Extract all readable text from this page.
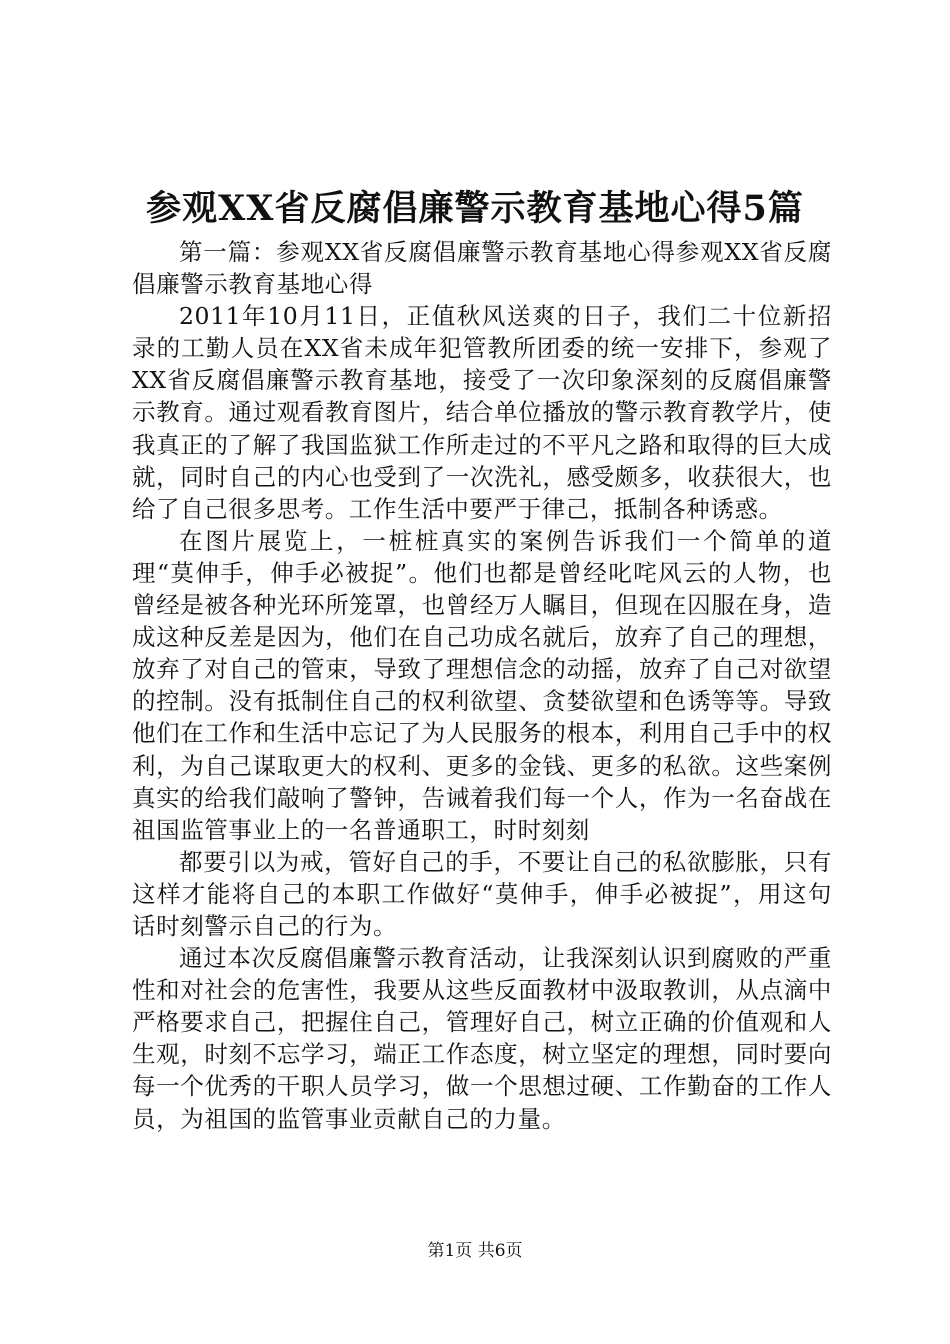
参观XX省反腐倡廉警示教育基地心得5篇

第一篇：参观XX省反腐倡廉警示教育基地心得参观XX省反腐倡廉警示教育基地心得

2011年10月11日，正值秋风送爽的日子，我们二十位新招录的工勤人员在XX省未成年犯管教所团委的统一安排下，参观了XX省反腐倡廉警示教育基地，接受了一次印象深刻的反腐倡廉警示教育。通过观看教育图片，结合单位播放的警示教育教学片，使我真正的了解了我国监狱工作所走过的不平凡之路和取得的巨大成就，同时自己的内心也受到了一次洗礼，感受颇多，收获很大，也给了自己很多思考。工作生活中要严于律己，抵制各种诱惑。

在图片展览上，一桩桩真实的案例告诉我们一个简单的道理“莫伸手，伸手必被捉”。他们也都是曾经叱咤风云的人物，也曾经是被各种光环所笼罩，也曾经万人瞩目，但现在囚服在身，造成这种反差是因为，他们在自己功成名就后，放弃了自己的理想，放弃了对自己的管束，导致了理想信念的动摇，放弃了自己对欲望的控制。没有抵制住自己的权利欲望、贪婪欲望和色诱等等。导致他们在工作和生活中忘记了为人民服务的根本，利用自己手中的权利，为自己谋取更大的权利、更多的金钱、更多的私欲。这些案例真实的给我们敲响了警钟，告诫着我们每一个人，作为一名奋战在祖国监管事业上的一名普通职工，时时刻刻

都要引以为戒，管好自己的手，不要让自己的私欲膨胀，只有这样才能将自己的本职工作做好“莫伸手，伸手必被捉”，用这句话时刻警示自己的行为。

通过本次反腐倡廉警示教育活动，让我深刻认识到腐败的严重性和对社会的危害性，我要从这些反面教材中汲取教训，从点滴中严格要求自己，把握住自己，管理好自己，树立正确的价值观和人生观，时刻不忘学习，端正工作态度，树立坚定的理想，同时要向每一个优秀的干职人员学习，做一个思想过硬、工作勤奋的工作人员，为祖国的监管事业贡献自己的力量。

第1页 共6页
